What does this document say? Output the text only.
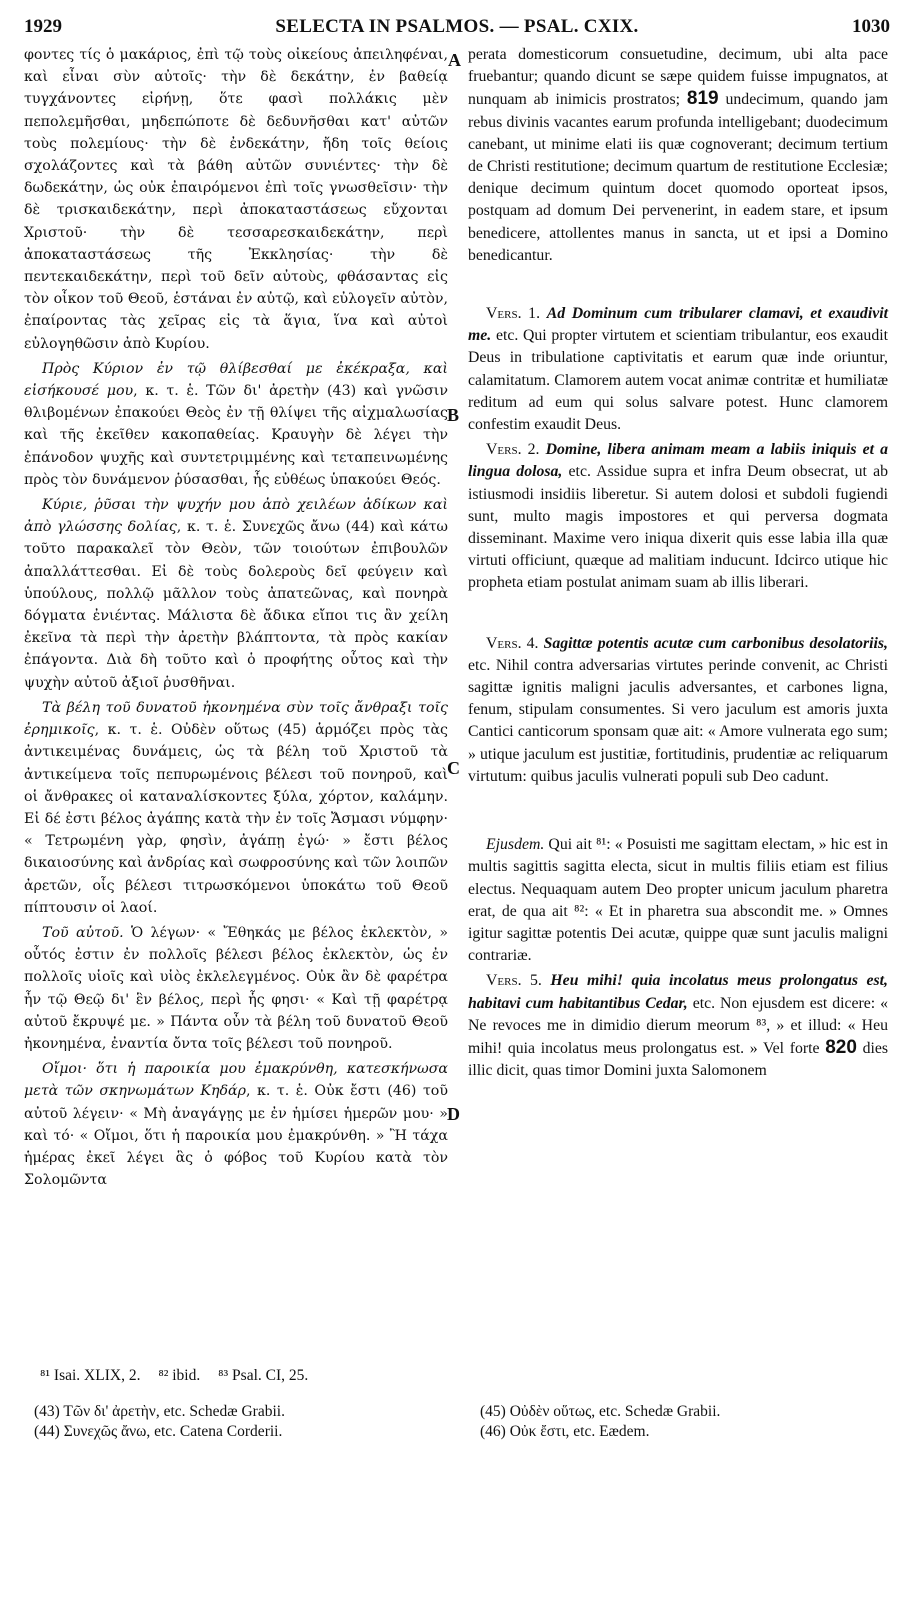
1929	SELECTA IN PSALMOS. — PSAL. CXIX.	1030

φοντες τίς ὁ μακάριος, ἐπὶ τῷ τοὺς οἰκείους ἀπειληφέναι, καὶ εἶναι σὺν αὐτοῖς· τὴν δὲ δεκάτην, ἐν βαθείᾳ τυγχάνοντες εἰρήνῃ, ὅτε φασὶ πολλάκις μὲν πεπολεμῆσθαι, μηδεπώποτε δὲ δεδυνῆσθαι κατ' αὐτῶν τοὺς πολεμίους· τὴν δὲ ἐνδεκάτην, ἤδη τοῖς θείοις σχολάζοντες καὶ τὰ βάθη αὐτῶν συνιέντες· τὴν δὲ δωδεκάτην, ὡς οὐκ ἐπαιρόμενοι ἐπὶ τοῖς γνωσθεῖσιν· τὴν δὲ τρισκαιδεκάτην, περὶ ἀποκαταστάσεως εὔχονται Χριστοῦ· τὴν δὲ τεσσαρεσκαιδεκάτην, περὶ ἀποκαταστάσεως τῆς Ἐκκλησίας· τὴν δὲ πεντεκαιδεκάτην, περὶ τοῦ δεῖν αὐτοὺς, φθάσαντας εἰς τὸν οἶκον τοῦ Θεοῦ, ἑστάναι ἐν αὐτῷ, καὶ εὐλογεῖν αὐτὸν, ἐπαίροντας τὰς χεῖρας εἰς τὰ ἅγια, ἵνα καὶ αὐτοὶ εὐλογηθῶσιν ἀπὸ Κυρίου.

Πρὸς Κύριον ἐν τῷ θλίβεσθαί με ἐκέκραξα, καὶ εἰσήκουσέ μου, κ. τ. ἑ. Τῶν δι' ἀρετὴν (43) καὶ γνῶσιν θλιβομένων ἐπακούει Θεὸς ἐν τῇ θλίψει τῆς αἰχμαλωσίας καὶ τῆς ἐκεῖθεν κακοπαθείας. Κραυγὴν δὲ λέγει τὴν ἐπάνοδον ψυχῆς καὶ συντετριμμένης καὶ τεταπεινωμένης πρὸς τὸν δυνάμενον ῥύσασθαι, ἧς εὐθέως ὑπακούει Θεός.

Κύριε, ῥῦσαι τὴν ψυχήν μου ἀπὸ χειλέων ἀδίκων καὶ ἀπὸ γλώσσης δολίας, κ. τ. ἑ. Συνεχῶς ἄνω (44) καὶ κάτω τοῦτο παρακαλεῖ τὸν Θεὸν, τῶν τοιούτων ἐπιβουλῶν ἀπαλλάττεσθαι. Εἰ δὲ τοὺς δολεροὺς δεῖ φεύγειν καὶ ὑπούλους, πολλῷ μᾶλλον τοὺς ἀπατεῶνας, καὶ πονηρὰ δόγματα ἐνιέντας. Μάλιστα δὲ ἄδικα εἴποι τις ἂν χείλη ἐκεῖνα τὰ περὶ τὴν ἀρετὴν βλάπτοντα, τὰ πρὸς κακίαν ἐπάγοντα. Διὰ δὴ τοῦτο καὶ ὁ προφήτης οὗτος καὶ τὴν ψυχὴν αὐτοῦ ἀξιοῖ ῥυσθῆναι.

Τὰ βέλη τοῦ δυνατοῦ ἠκονημένα σὺν τοῖς ἄνθραξι τοῖς ἐρημικοῖς, κ. τ. ἑ. Οὐδὲν οὕτως (45) ἁρμόζει πρὸς τὰς ἀντικειμένας δυνάμεις, ὡς τὰ βέλη τοῦ Χριστοῦ τὰ ἀντικείμενα τοῖς πεπυρωμένοις βέλεσι τοῦ πονηροῦ, καὶ οἱ ἄνθρακες οἱ καταναλίσκοντες ξύλα, χόρτον, καλάμην. Εἰ δέ ἐστι βέλος ἀγάπης κατὰ τὴν ἐν τοῖς Ἄσμασι νύμφην· « Τετρωμένη γὰρ, φησὶν, ἀγάπῃ ἐγώ· » ἔστι βέλος δικαιοσύνης καὶ ἀνδρίας καὶ σωφροσύνης καὶ τῶν λοιπῶν ἀρετῶν, οἷς βέλεσι τιτρωσκόμενοι ὑποκάτω τοῦ Θεοῦ πίπτουσιν οἱ λαοί.

Τοῦ αὐτοῦ. Ὁ λέγων· « Ἔθηκάς με βέλος ἐκλεκτὸν, » οὗτός ἐστιν ἐν πολλοῖς βέλεσι βέλος ἐκλεκτὸν, ὡς ἐν πολλοῖς υἱοῖς καὶ υἱὸς ἐκλελεγμένος. Οὐκ ἂν δὲ φαρέτρα ἦν τῷ Θεῷ δι' ἓν βέλος, περὶ ἧς φησι· « Καὶ τῇ φαρέτρᾳ αὐτοῦ ἔκρυψέ με. » Πάντα οὖν τὰ βέλη τοῦ δυνατοῦ Θεοῦ ἠκονημένα, ἐναντία ὄντα τοῖς βέλεσι τοῦ πονηροῦ.

Οἴμοι· ὅτι ἡ παροικία μου ἐμακρύνθη, κατεσκήνωσα μετὰ τῶν σκηνωμάτων Κηδάρ, κ. τ. ἑ. Οὐκ ἔστι (46) τοῦ αὐτοῦ λέγειν· « Μὴ ἀναγάγῃς με ἐν ἡμίσει ἡμερῶν μου· » καὶ τό· « Οἴμοι, ὅτι ἡ παροικία μου ἐμακρύνθη. » Ἢ τάχα ἡμέρας ἐκεῖ λέγει ἃς ὁ φόβος τοῦ Κυρίου κατὰ τὸν Σολομῶντα

A
B
C
D

perata domesticorum consuetudine, decimum, ubi alta pace fruebantur; quando dicunt se sæpe quidem fuisse impugnatos, at nunquam ab inimicis prostratos; 819 undecimum, quando jam rebus divinis vacantes earum profunda intelligebant; duodecimum canebant, ut minime elati iis quæ cognoverant; decimum tertium de Christi restitutione; decimum quartum de restitutione Ecclesiæ; denique decimum quintum docet quomodo oporteat ipsos, postquam ad domum Dei pervenerint, in eadem stare, et ipsum benedicere, attollentes manus in sancta, ut et ipsi a Domino benedicantur.

Vers. 1. Ad Dominum cum tribularer clamavi, et exaudivit me. etc. Qui propter virtutem et scientiam tribulantur, eos exaudit Deus in tribulatione captivitatis et earum quæ inde oriuntur, calamitatum. Clamorem autem vocat animæ contritæ et humiliatæ reditum ad eum qui solus salvare potest. Hunc clamorem confestim exaudit Deus.

Vers. 2. Domine, libera animam meam a labiis iniquis et a lingua dolosa, etc. Assidue supra et infra Deum obsecrat, ut ab istiusmodi insidiis liberetur. Si autem dolosi et subdoli fugiendi sunt, multo magis impostores et qui perversa dogmata disseminant. Maxime vero iniqua dixerit quis esse labia illa quæ virtuti officiunt, quæque ad malitiam inducunt. Idcirco utique hic propheta etiam postulat animam suam ab illis liberari.

Vers. 4. Sagittæ potentis acutæ cum carbonibus desolatoriis, etc. Nihil contra adversarias virtutes perinde convenit, ac Christi sagittæ ignitis maligni jaculis adversantes, et carbones ligna, fenum, stipulam consumentes. Si vero jaculum est amoris juxta Cantici canticorum sponsam quæ ait: « Amore vulnerata ego sum; » utique jaculum est justitiæ, fortitudinis, prudentiæ ac reliquarum virtutum: quibus jaculis vulnerati populi sub Deo cadunt.

Ejusdem. Qui ait ⁸¹: « Posuisti me sagittam electam, » hic est in multis sagittis sagitta electa, sicut in multis filiis etiam est filius electus. Nequaquam autem Deo propter unicum jaculum pharetra erat, de qua ait ⁸²: « Et in pharetra sua abscondit me. » Omnes igitur sagittæ potentis Dei acutæ, quippe quæ sunt jaculis maligni contrariæ.

Vers. 5. Heu mihi! quia incolatus meus prolongatus est, habitavi cum habitantibus Cedar, etc. Non ejusdem est dicere: « Ne revoces me in dimidio dierum meorum ⁸³, » et illud: « Heu mihi! quia incolatus meus prolongatus est. » Vel forte 820 dies illic dicit, quas timor Domini juxta Salomonem

⁸¹ Isai. XLIX, 2. ⁸² ibid. ⁸³ Psal. CI, 25.
(43) Τῶν δι' ἀρετὴν, etc. Schedæ Grabii.
(44) Συνεχῶς ἄνω, etc. Catena Corderii.
(45) Οὐδὲν οὕτως, etc. Schedæ Grabii.
(46) Οὐκ ἔστι, etc. Eædem.
